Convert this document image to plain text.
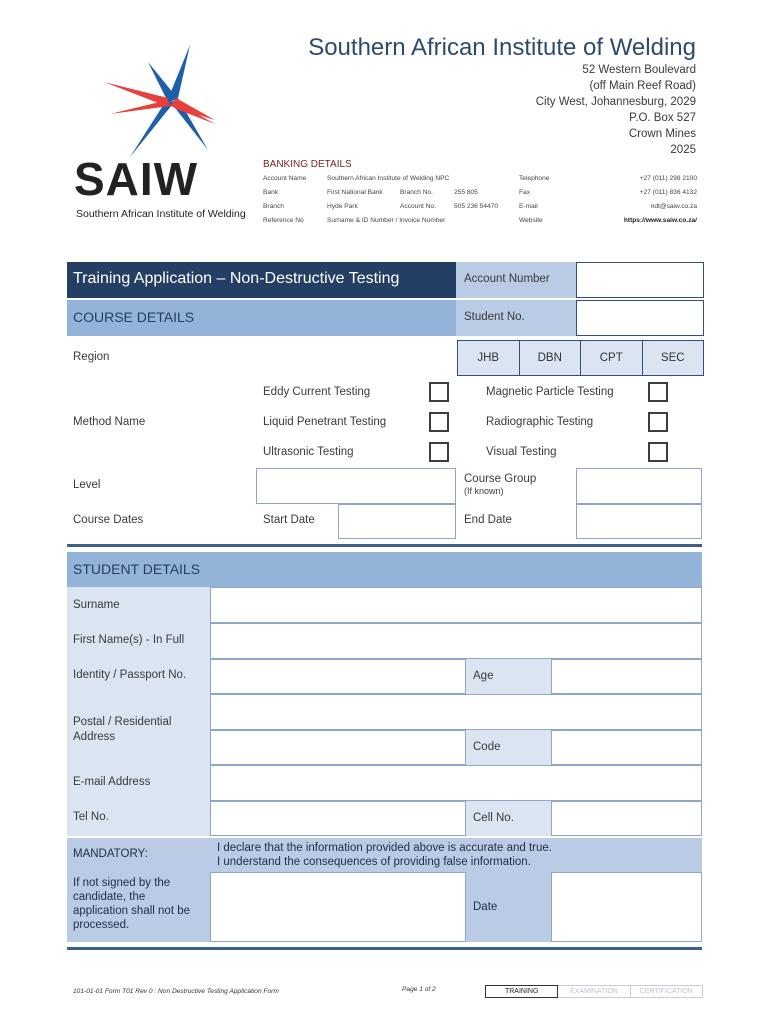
SAIW
Southern African Institute of Welding
Southern African Institute of Welding
52 Western Boulevard
(off Main Reef Road)
City West, Johannesburg, 2029
P.O. Box 527
Crown Mines
2025
BANKING DETAILS
Account Name	Southern African Institute of Welding NPC	Telephone	+27 (011) 298 2100
Bank	First National Bank	Branch No.	255 805	Fax	+27 (011) 836 4132
Branch	Hyde Park	Account No.	505 236 54470	E-mail	ndt@saiw.co.za
Reference No	Surname & ID Number / Invoice Number	Website	https://www.saiw.co.za/
Training Application – Non-Destructive Testing	Account Number
COURSE DETAILS	Student No.
Region	JHB	DBN	CPT	SEC
Method Name
Eddy Current Testing	Magnetic Particle Testing
Liquid Penetrant Testing	Radiographic Testing
Ultrasonic Testing	Visual Testing
Level	Course Group
(If known)
Course Dates	Start Date	End Date
STUDENT DETAILS
Surname
First Name(s) - In Full
Identity / Passport No.	Age
Postal / Residential
Address
Code
E-mail Address
Tel No.	Cell No.
MANDATORY:
If not signed by the
candidate, the
application shall not be
processed.
I declare that the information provided above is accurate and true.
I understand the consequences of providing false information.
Date
101-01-01 Form T01 Rev 0 : Non Destructive Testing Application Form	Page 1 of 2	TRAINING	EXAMINATION	CERTIFICATION
